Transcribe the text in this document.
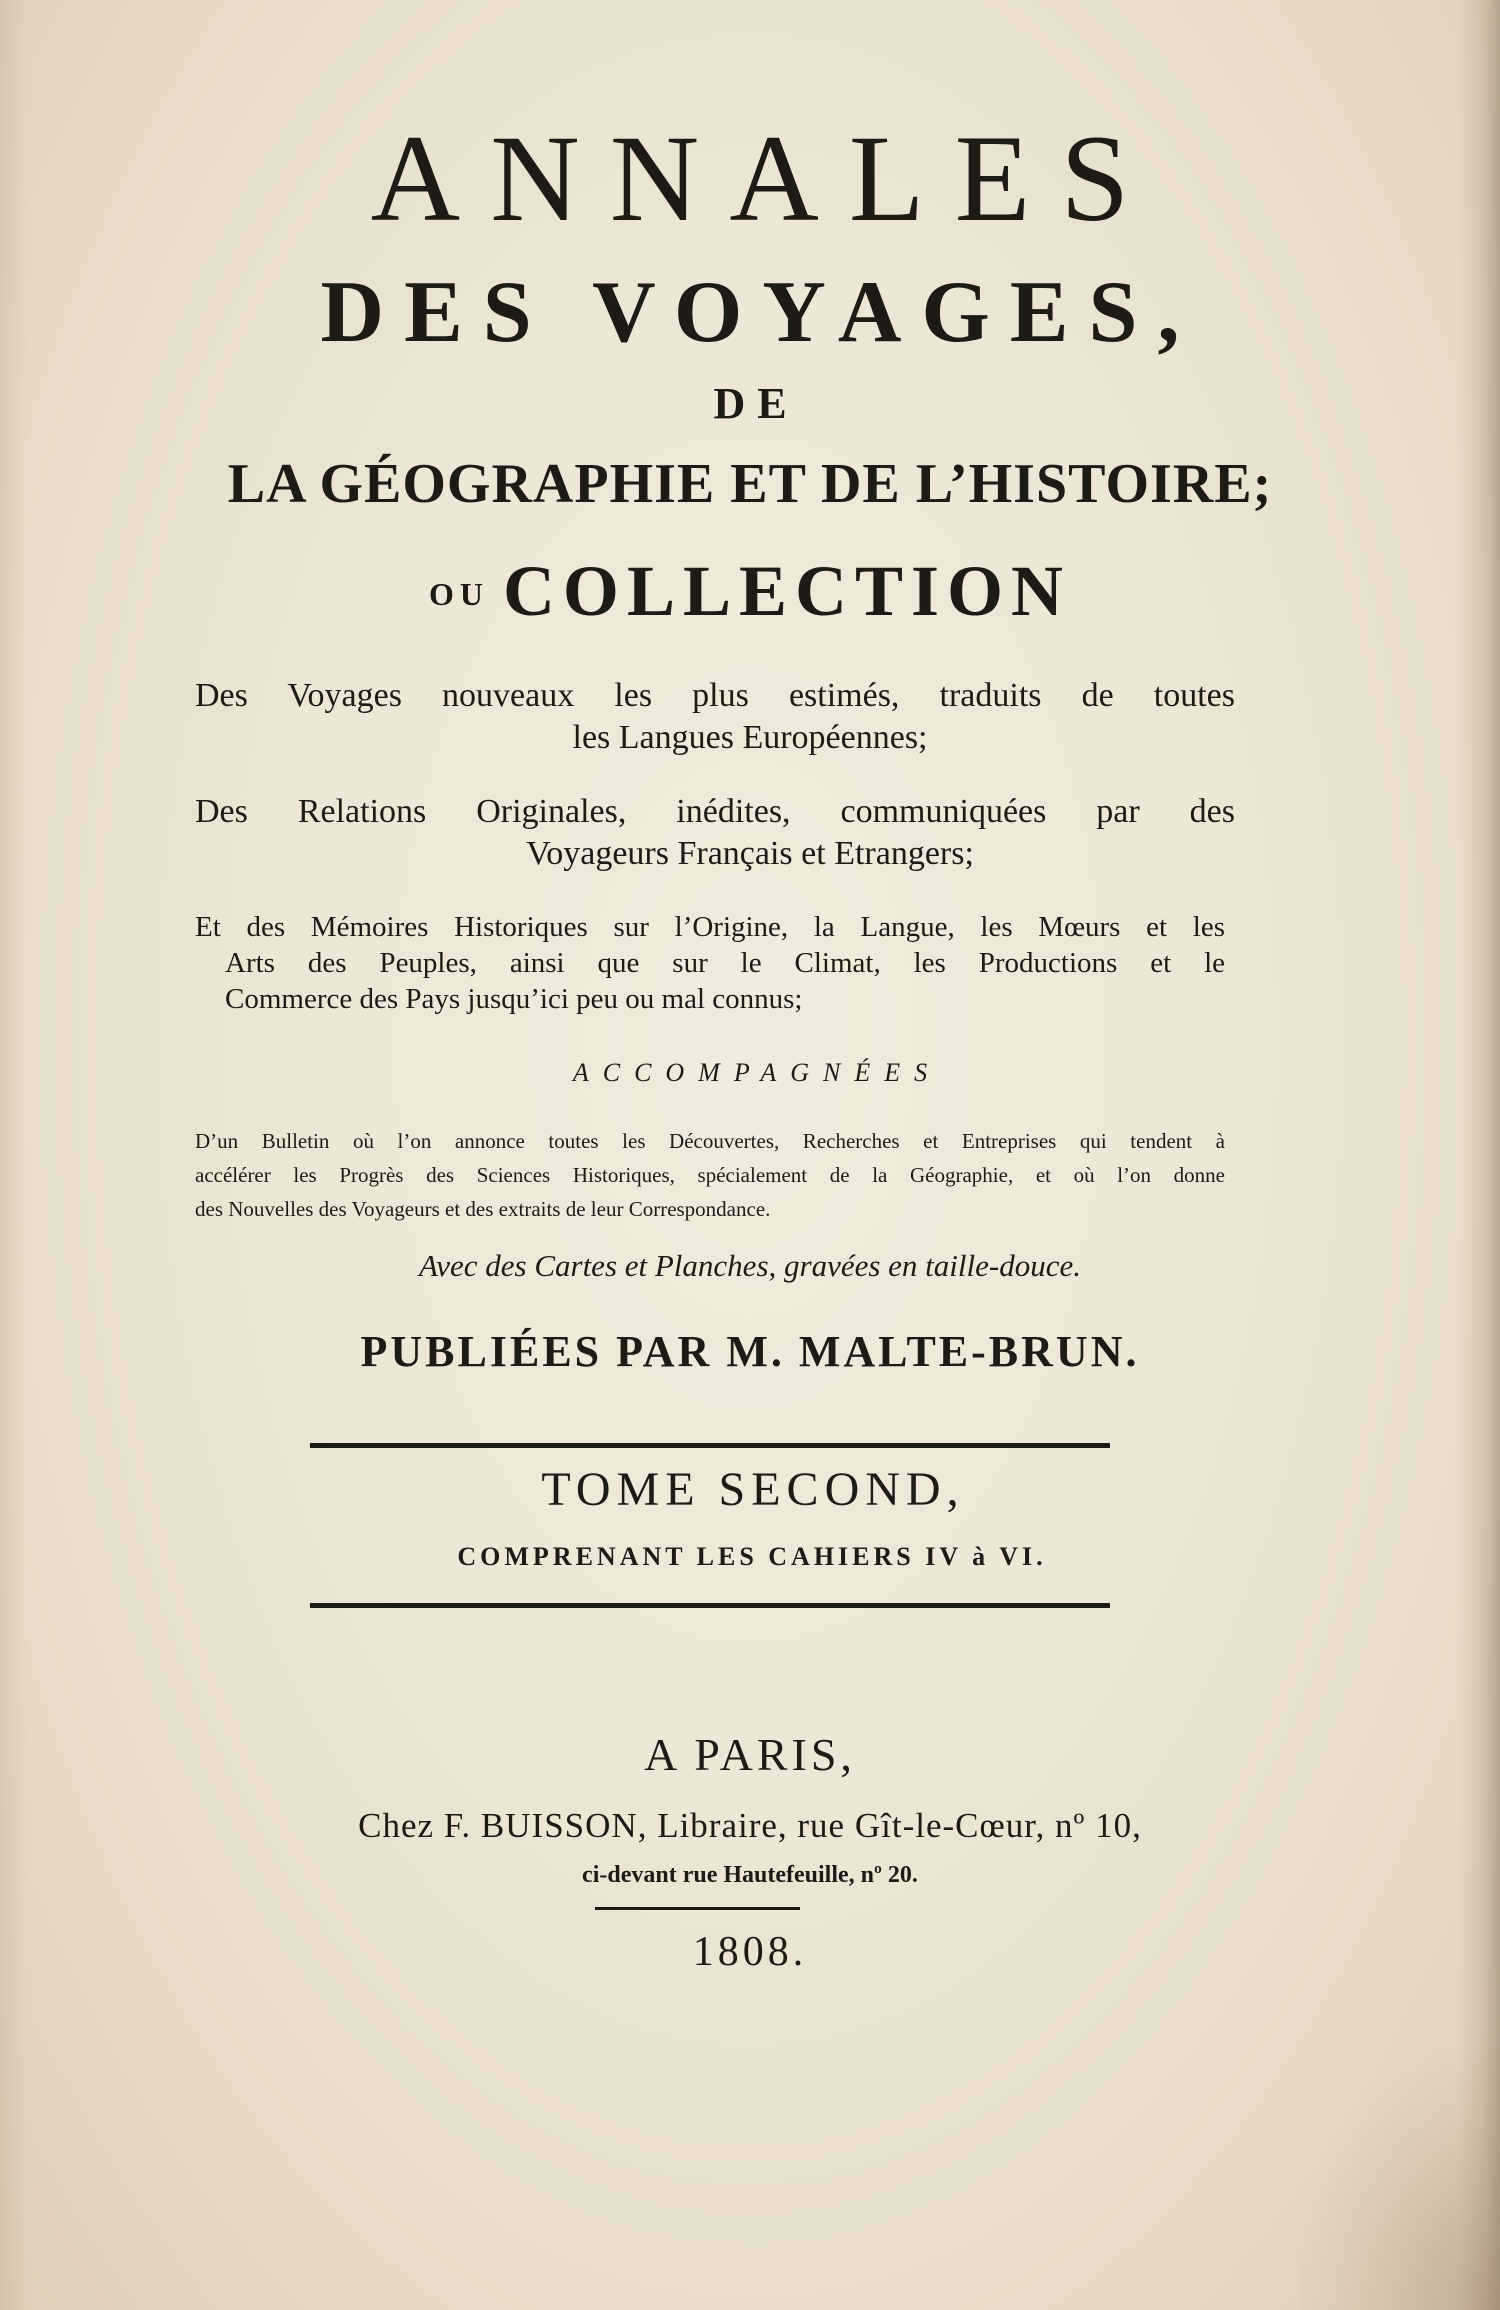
ANNALES
DES VOYAGES,
DE
LA GÉOGRAPHIE ET DE L’HISTOIRE;
OU COLLECTION
Des Voyages nouveaux les plus estimés, traduits de toutes
les Langues Européennes;
Des Relations Originales, inédites, communiquées par des
Voyageurs Français et Etrangers;
Et des Mémoires Historiques sur l’Origine, la Langue, les Mœurs et les
Arts des Peuples, ainsi que sur le Climat, les Productions et le
Commerce des Pays jusqu’ici peu ou mal connus;
ACCOMPAGNÉES
D’un Bulletin où l’on annonce toutes les Découvertes, Recherches et Entreprises qui tendent à
accélérer les Progrès des Sciences Historiques, spécialement de la Géographie, et où l’on donne
des Nouvelles des Voyageurs et des extraits de leur Correspondance.
Avec des Cartes et Planches, gravées en taille-douce.
PUBLIÉES PAR M. MALTE-BRUN.
TOME SECOND,
COMPRENANT LES CAHIERS IV à VI.
A PARIS,
Chez F. BUISSON, Libraire, rue Gît-le-Cœur, nº 10,
ci-devant rue Hautefeuille, nº 20.
1808.
